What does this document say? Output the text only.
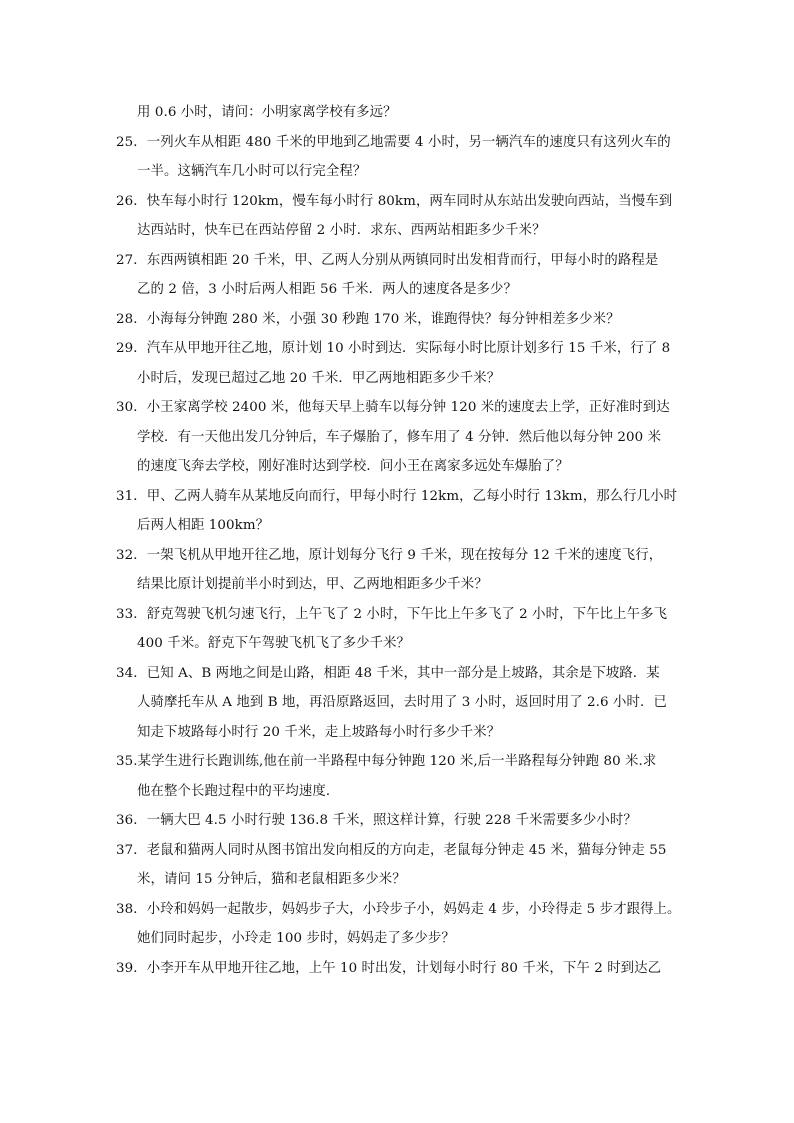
用 0.6 小时，请问：小明家离学校有多远？
25．一列火车从相距 480 千米的甲地到乙地需要 4 小时，另一辆汽车的速度只有这列火车的
一半。这辆汽车几小时可以行完全程？
26．快车每小时行 120km，慢车每小时行 80km，两车同时从东站出发驶向西站，当慢车到
达西站时，快车已在西站停留 2 小时．求东、西两站相距多少千米？
27．东西两镇相距 20 千米，甲、乙两人分别从两镇同时出发相背而行，甲每小时的路程是
乙的 2 倍，3 小时后两人相距 56 千米．两人的速度各是多少？
28．小海每分钟跑 280 米，小强 30 秒跑 170 米，谁跑得快？每分钟相差多少米？
29．汽车从甲地开往乙地，原计划 10 小时到达．实际每小时比原计划多行 15 千米，行了 8
小时后，发现已超过乙地 20 千米．甲乙两地相距多少千米？
30．小王家离学校 2400 米，他每天早上骑车以每分钟 120 米的速度去上学，正好准时到达
学校．有一天他出发几分钟后，车子爆胎了，修车用了 4 分钟．然后他以每分钟 200 米
的速度飞奔去学校，刚好准时达到学校．问小王在离家多远处车爆胎了？
31．甲、乙两人骑车从某地反向而行，甲每小时行 12km，乙每小时行 13km，那么行几小时
后两人相距 100km？
32．一架飞机从甲地开往乙地，原计划每分飞行 9 千米，现在按每分 12 千米的速度飞行，
结果比原计划提前半小时到达，甲、乙两地相距多少千米？
33．舒克驾驶飞机匀速飞行，上午飞了 2 小时，下午比上午多飞了 2 小时，下午比上午多飞
400 千米。舒克下午驾驶飞机飞了多少千米？
34．已知 A、B 两地之间是山路，相距 48 千米，其中一部分是上坡路，其余是下坡路．某
人骑摩托车从 A 地到 B 地，再沿原路返回，去时用了 3 小时，返回时用了 2.6 小时．已
知走下坡路每小时行 20 千米，走上坡路每小时行多少千米？
35.某学生进行长跑训练,他在前一半路程中每分钟跑 120 米,后一半路程每分钟跑 80 米.求
他在整个长跑过程中的平均速度．
36．一辆大巴 4.5 小时行驶 136.8 千米，照这样计算，行驶 228 千米需要多少小时？
37．老鼠和猫两人同时从图书馆出发向相反的方向走，老鼠每分钟走 45 米，猫每分钟走 55
米，请问 15 分钟后，猫和老鼠相距多少米？
38．小玲和妈妈一起散步，妈妈步子大，小玲步子小，妈妈走 4 步，小玲得走 5 步才跟得上。
她们同时起步，小玲走 100 步时，妈妈走了多少步？
39．小李开车从甲地开往乙地，上午 10 时出发，计划每小时行 80 千米，下午 2 时到达乙
